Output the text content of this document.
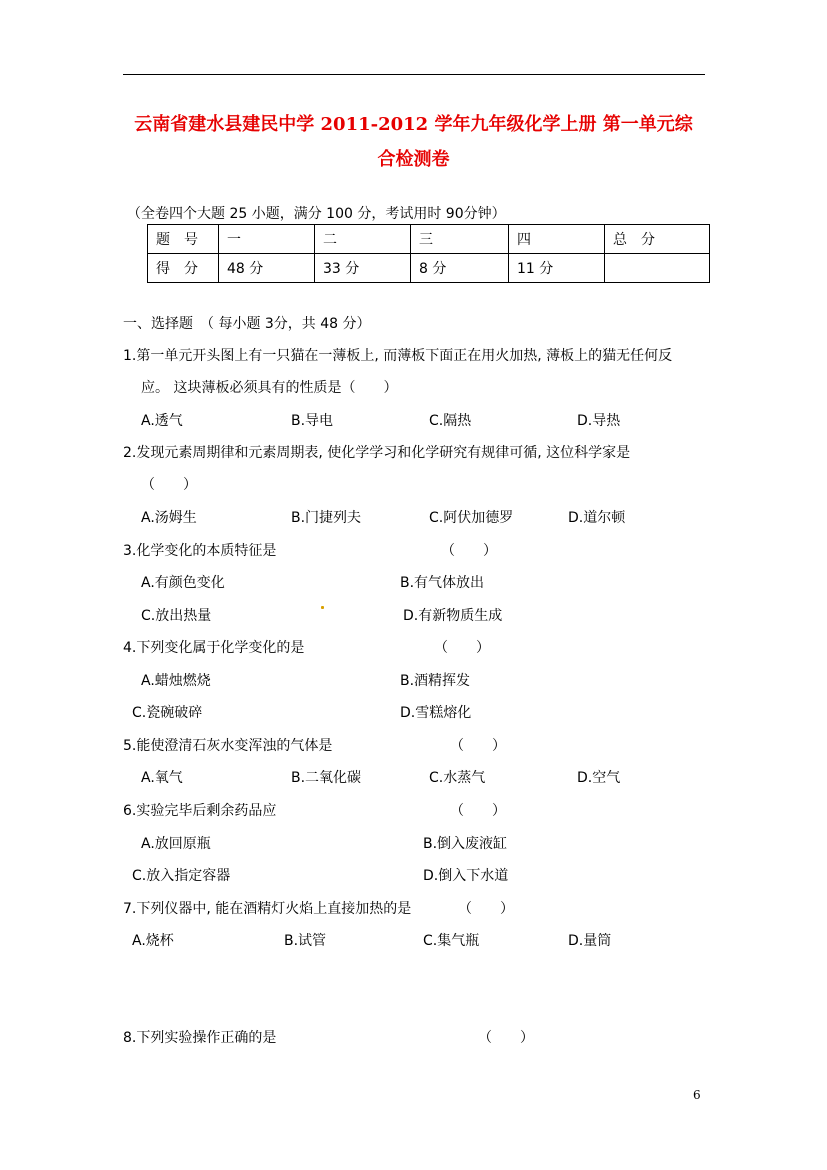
云南省建水县建民中学 2011-2012 学年九年级化学上册 第一单元综
合检测卷
（全卷四个大题 25 小题，满分 100 分，考试用时 90分钟）
题　号	一	二	三	四	总　分
得　分	48 分	33 分	8 分	11 分	
一、选择题　（ 每小题 3分，共 48 分）
1.第一单元开头图上有一只猫在一薄板上, 而薄板下面正在用火加热, 薄板上的猫无任何反
应。 这块薄板必须具有的性质是（　　）
A.透气	B.导电	C.隔热	D.导热
2.发现元素周期律和元素周期表, 使化学学习和化学研究有规律可循, 这位科学家是
（　　）
A.汤姆生	B.门捷列夫	C.阿伏加德罗	D.道尔顿
3.化学变化的本质特征是	（　　）
A.有颜色变化	B.有气体放出
C.放出热量	D.有新物质生成
4.下列变化属于化学变化的是	（　　）
A.蜡烛燃烧	B.酒精挥发
C.瓷碗破碎	D.雪糕熔化
5.能使澄清石灰水变浑浊的气体是	（　　）
A.氧气	B.二氧化碳	C.水蒸气	D.空气
6.实验完毕后剩余药品应	（　　）
A.放回原瓶	B.倒入废液缸
C.放入指定容器	D.倒入下水道
7.下列仪器中, 能在酒精灯火焰上直接加热的是	（　　）
A.烧杯	B.试管	C.集气瓶	D.量筒
8.下列实验操作正确的是	（　　）
6
